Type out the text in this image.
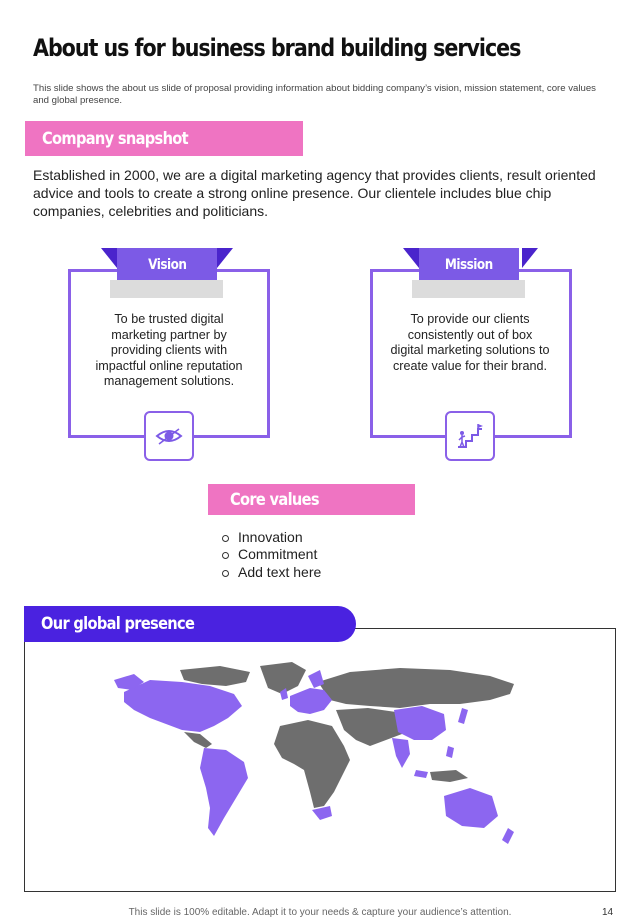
About us for business brand building services
This slide shows the about us slide of proposal providing information about bidding company’s vision, mission statement, core values and global presence.
Company snapshot
Established in 2000, we are a digital marketing agency that provides clients, result oriented advice and tools to create a strong online presence. Our clientele includes blue chip companies, celebrities and politicians.
Vision
To be trusted digital marketing partner by providing clients with impactful online reputation management solutions.
Mission
To provide our clients consistently out of box digital marketing solutions to create value for their brand.
Core values
Innovation
Commitment
Add text here
Our global presence
This slide is 100% editable. Adapt it to your needs & capture your audience’s attention.	14
